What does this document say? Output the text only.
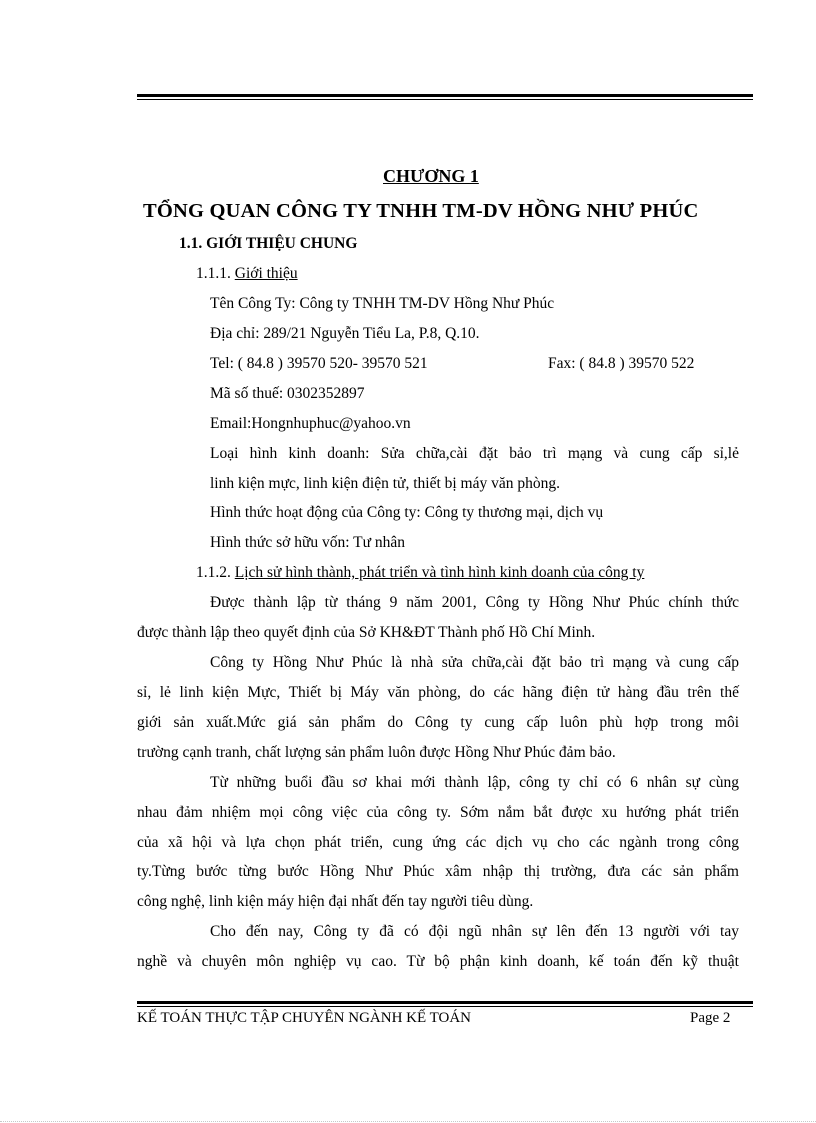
CHƯƠNG 1
TỔNG QUAN CÔNG TY TNHH TM-DV HỒNG NHƯ PHÚC
1.1. GIỚI THIỆU CHUNG
1.1.1. Giới thiệu
Tên Công Ty: Công ty TNHH TM-DV Hồng Như Phúc
Địa chỉ: 289/21 Nguyễn Tiểu La, P.8, Q.10.
Tel: ( 84.8 ) 39570 520- 39570 521	Fax: ( 84.8 ) 39570 522
Mã số thuế: 0302352897
Email:Hongnhuphuc@yahoo.vn
Loại hình kinh doanh: Sửa chữa,cài đặt bảo trì mạng và cung cấp sỉ,lẻ
linh kiện mực, linh kiện điện tử, thiết bị máy văn phòng.
Hình thức hoạt động của Công ty: Công ty thương mại, dịch vụ
Hình thức sở hữu vốn: Tư nhân
1.1.2. Lịch sử hình thành, phát triển và tình hình kinh doanh của công ty
Được thành lập từ tháng 9 năm 2001, Công ty Hồng Như Phúc chính thức
được thành lập theo quyết định của Sở KH&ĐT Thành phố Hồ Chí Minh.
Công ty Hồng Như Phúc là nhà sửa chữa,cài đặt bảo trì mạng và cung cấp
sỉ, lẻ linh kiện Mực, Thiết bị Máy văn phòng, do các hãng điện tử hàng đầu trên thế
giới sản xuất.Mức giá sản phẩm do Công ty cung cấp luôn phù hợp trong môi
trường cạnh tranh, chất lượng sản phẩm luôn được Hồng Như Phúc đảm bảo.
Từ những buổi đầu sơ khai mới thành lập, công ty chỉ có 6 nhân sự cùng
nhau đảm nhiệm mọi công việc của công ty. Sớm nắm bắt được xu hướng phát triển
của xã hội và lựa chọn phát triển, cung ứng các dịch vụ cho các ngành trong công
ty.Từng bước từng bước Hồng Như Phúc xâm nhập thị trường, đưa các sản phẩm
công nghệ, linh kiện máy hiện đại nhất đến tay người tiêu dùng.
Cho đến nay, Công ty đã có đội ngũ nhân sự lên đến 13 người với tay
nghề và chuyên môn nghiệp vụ cao. Từ bộ phận kinh doanh, kế toán đến kỹ thuật
KẾ TOÁN THỰC TẬP CHUYÊN NGÀNH KẾ TOÁN	Page 2
